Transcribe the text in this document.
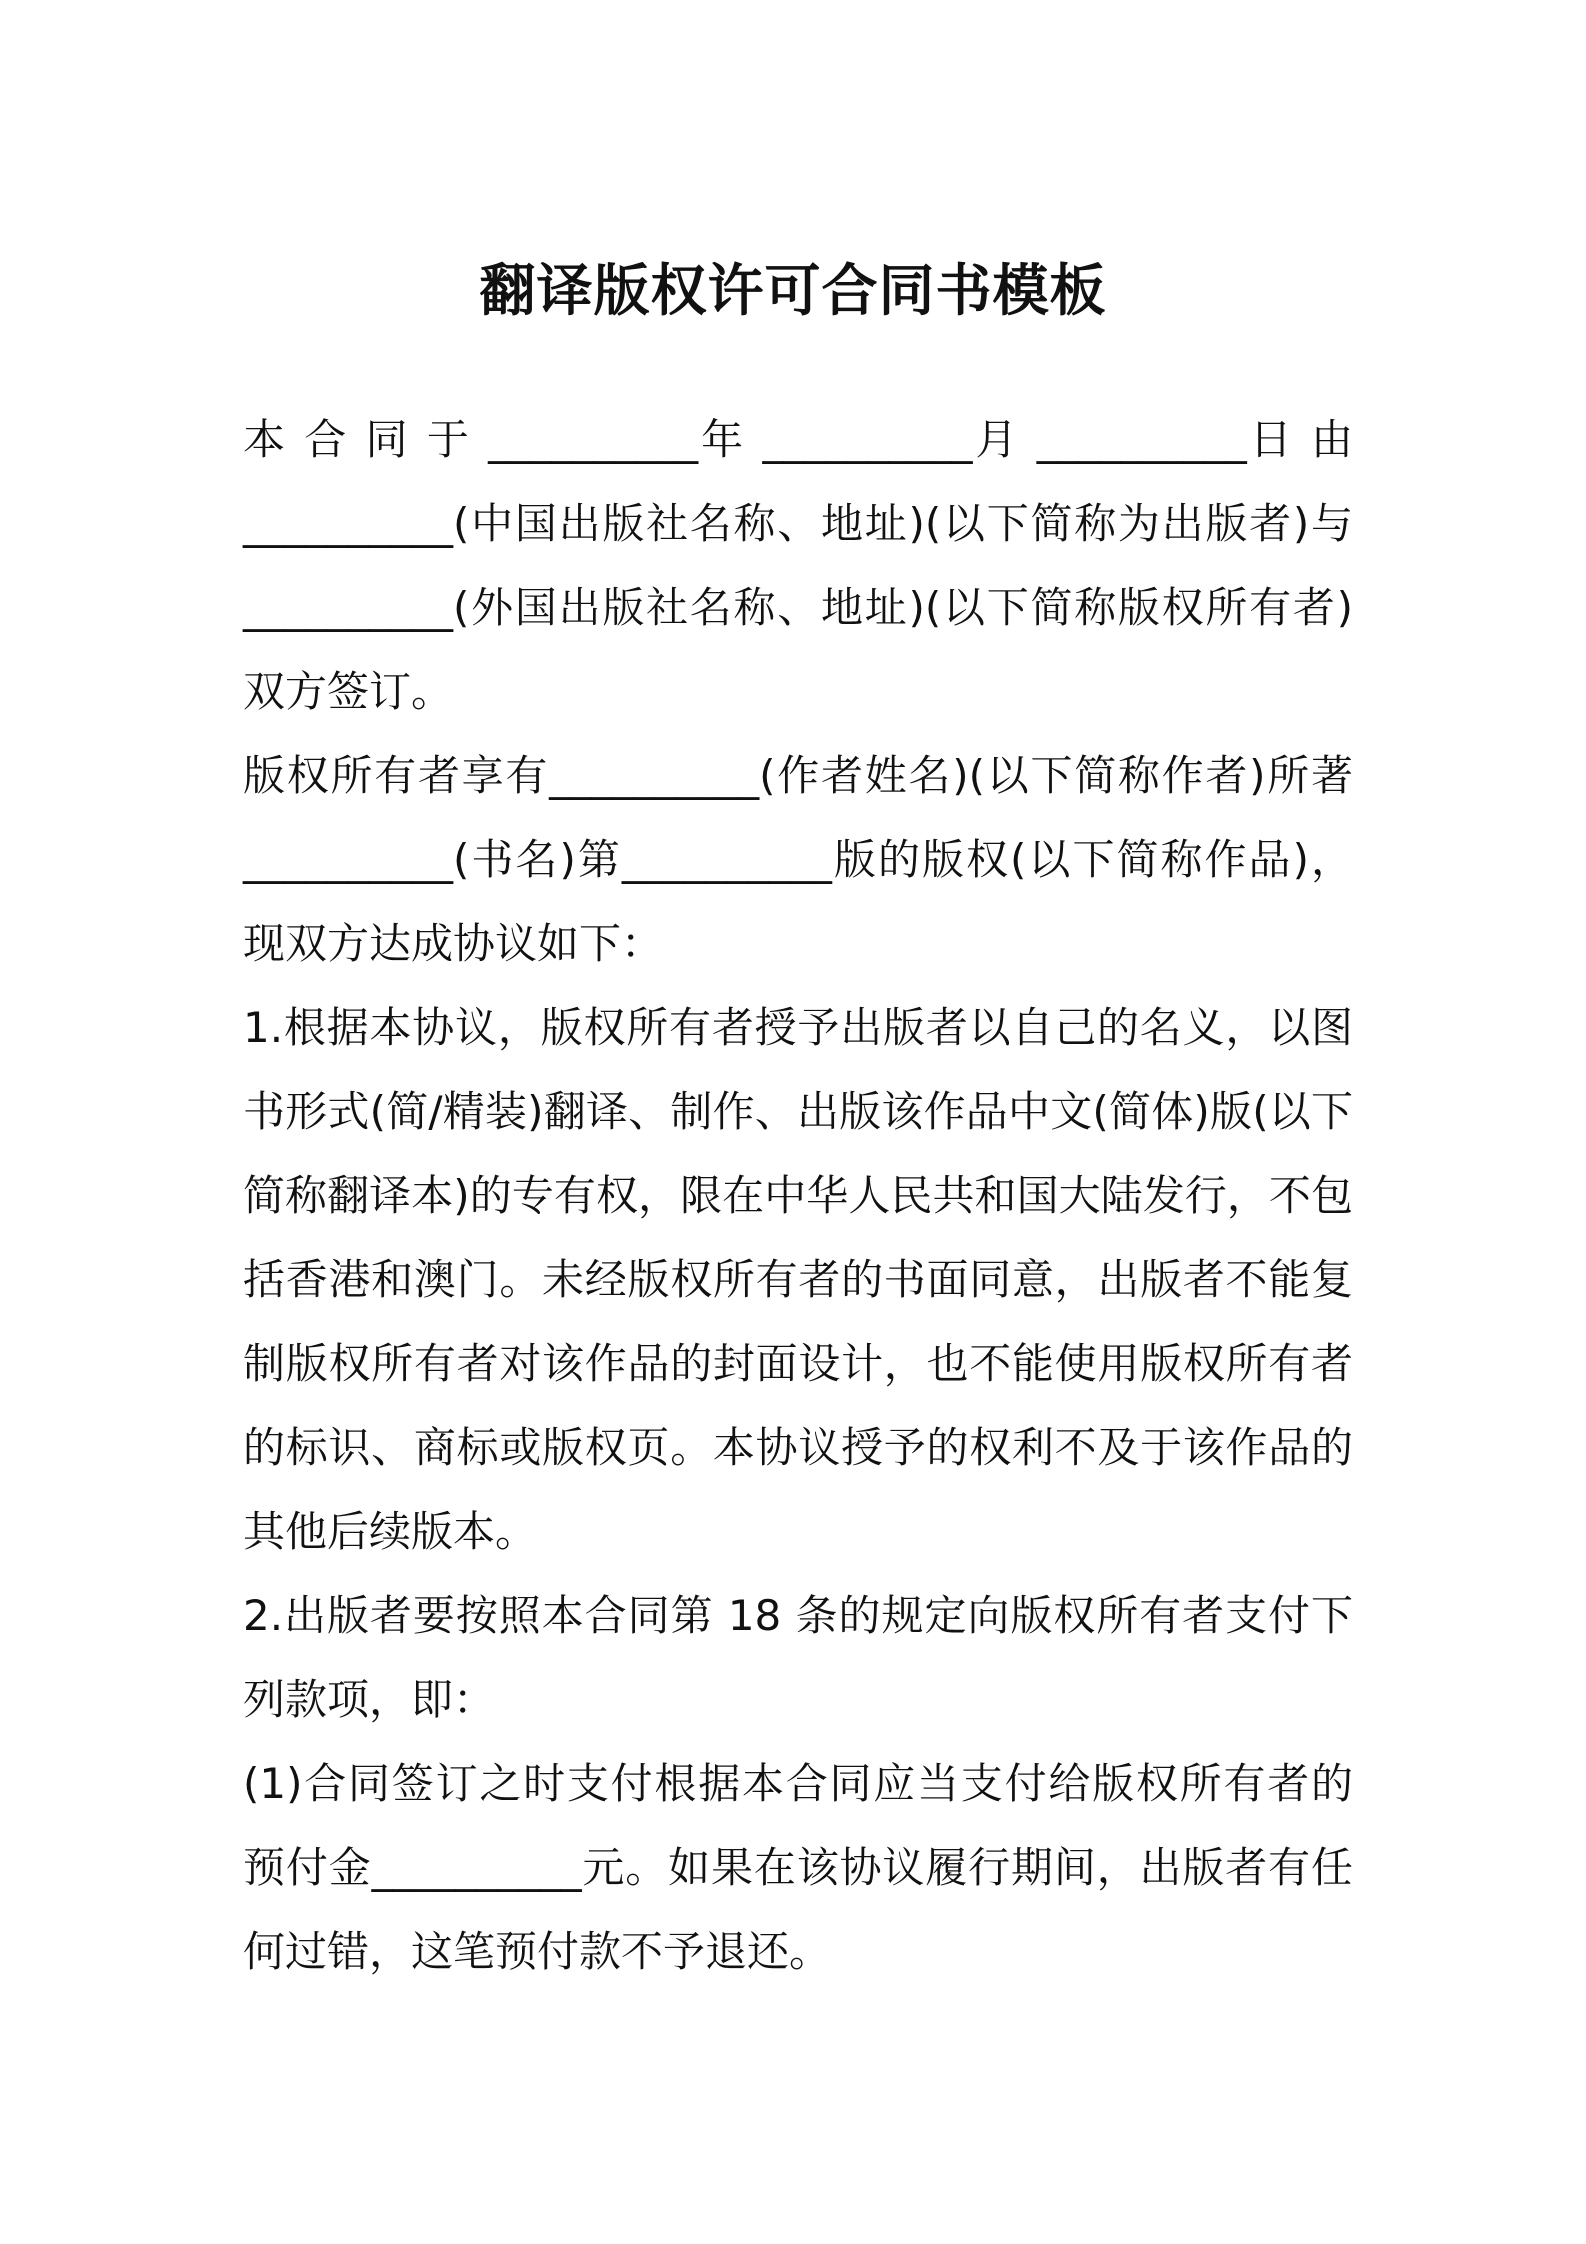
翻译版权许可合同书模板
本 合 同 于 __________年 __________月 __________日 由
__________(中国出版社名称、地址)(以下简称为出版者)与
__________(外国出版社名称、地址)(以下简称版权所有者)
双方签订。
版权所有者享有__________(作者姓名)(以下简称作者)所著
__________(书名)第__________版的版权(以下简称作品)，
现双方达成协议如下：
1.根据本协议，版权所有者授予出版者以自己的名义，以图
书形式(简/精装)翻译、制作、出版该作品中文(简体)版(以下
简称翻译本)的专有权，限在中华人民共和国大陆发行，不包
括香港和澳门。未经版权所有者的书面同意，出版者不能复
制版权所有者对该作品的封面设计，也不能使用版权所有者
的标识、商标或版权页。本协议授予的权利不及于该作品的
其他后续版本。
2.出版者要按照本合同第 18 条的规定向版权所有者支付下
列款项，即：
(1)合同签订之时支付根据本合同应当支付给版权所有者的
预付金__________元。如果在该协议履行期间，出版者有任
何过错，这笔预付款不予退还。
